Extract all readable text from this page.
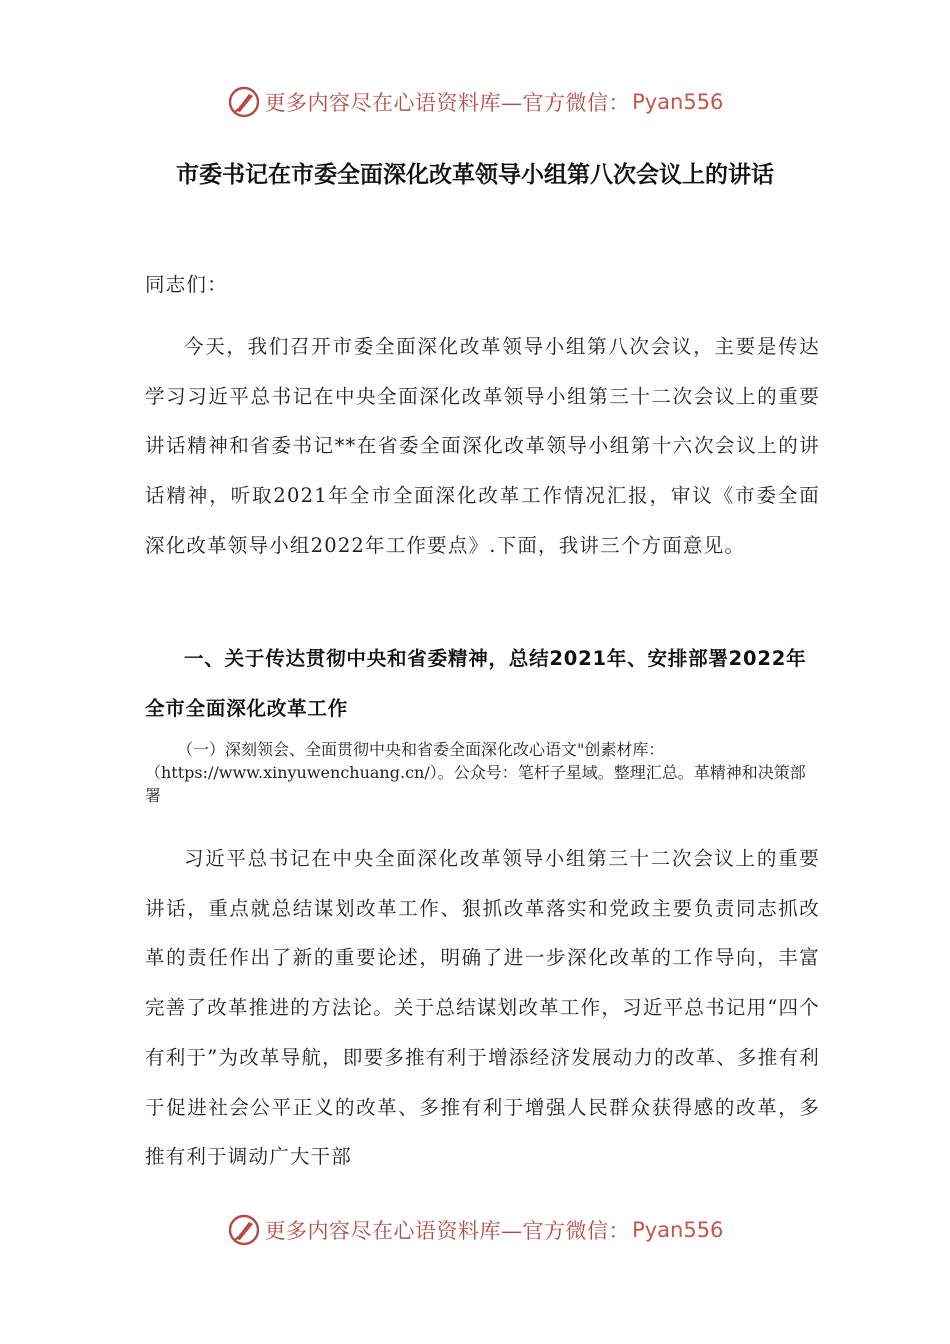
更多内容尽在心语资料库—官方微信： Pyan556
市委书记在市委全面深化改革领导小组第八次会议上的讲话
同志们：
今天，我们召开市委全面深化改革领导小组第八次会议，主要是传达学习习近平总书记在中央全面深化改革领导小组第三十二次会议上的重要讲话精神和省委书记**在省委全面深化改革领导小组第十六次会议上的讲话精神，听取2021年全市全面深化改革工作情况汇报，审议《市委全面深化改革领导小组2022年工作要点》.下面，我讲三个方面意见。
一、关于传达贯彻中央和省委精神，总结2021年、安排部署2022年全市全面深化改革工作
（一）深刻领会、全面贯彻中央和省委全面深化改心语文"创素材库：（https://www.xinyuwenchuang.cn/）。公众号：笔杆子星域。整理汇总。革精神和决策部署
习近平总书记在中央全面深化改革领导小组第三十二次会议上的重要讲话，重点就总结谋划改革工作、狠抓改革落实和党政主要负责同志抓改革的责任作出了新的重要论述，明确了进一步深化改革的工作导向，丰富完善了改革推进的方法论。关于总结谋划改革工作，习近平总书记用“四个有利于”为改革导航，即要多推有利于增添经济发展动力的改革、多推有利于促进社会公平正义的改革、多推有利于增强人民群众获得感的改革，多推有利于调动广大干部
更多内容尽在心语资料库—官方微信： Pyan556
